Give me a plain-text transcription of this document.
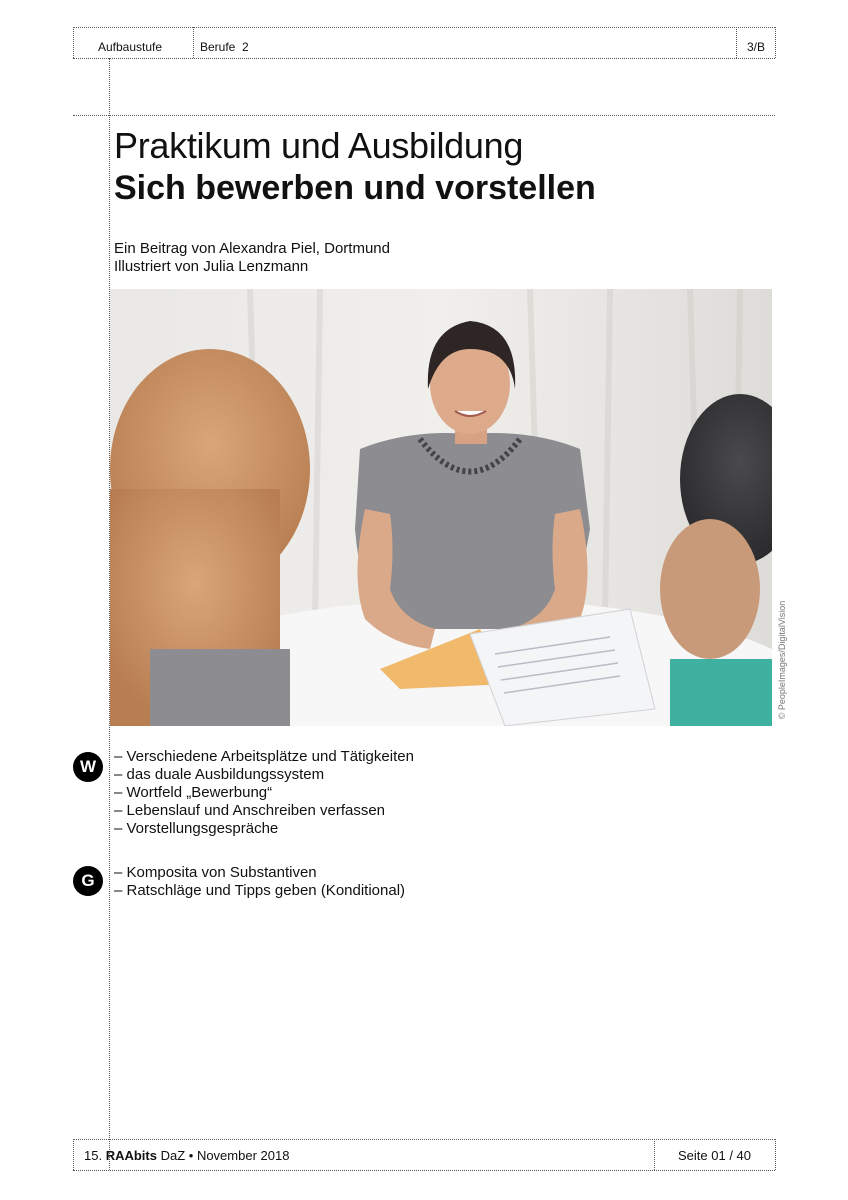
Aufbaustufe	Berufe  2	3/B
Praktikum und Ausbildung
Sich bewerben und vorstellen
Ein Beitrag von Alexandra Piel, Dortmund
Illustriert von Julia Lenzmann
© PeopleImages/DigitalVision
W
– Verschiedene Arbeitsplätze und Tätigkeiten
– das duale Ausbildungssystem
– Wortfeld „Bewerbung“
– Lebenslauf und Anschreiben verfassen
– Vorstellungsgespräche
G	– Komposita von Substantiven
– Ratschläge und Tipps geben (Konditional)
15. RAAbits DaZ • November 2018	Seite 01 / 40
